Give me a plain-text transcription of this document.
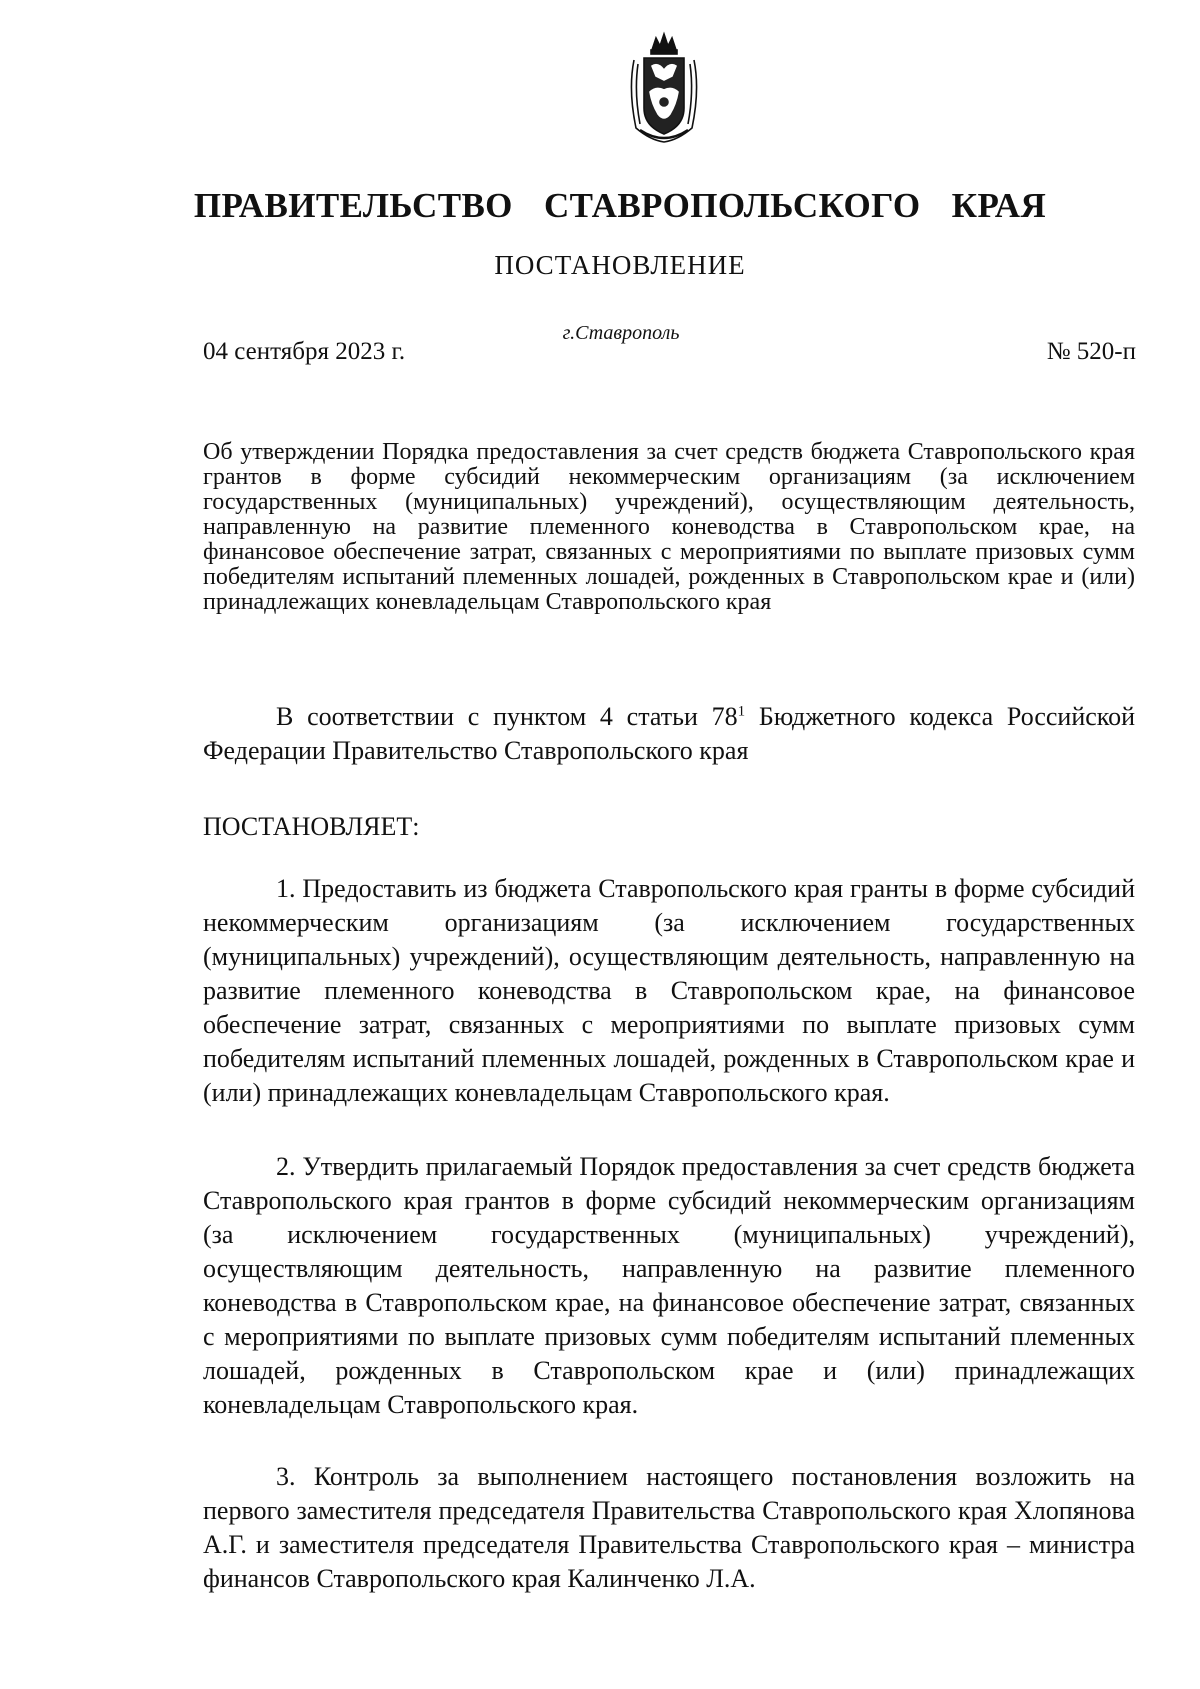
ПРАВИТЕЛЬСТВО СТАВРОПОЛЬСКОГО КРАЯ
ПОСТАНОВЛЕНИЕ
г.Ставрополь
04 сентября 2023 г.	№ 520-п
Об утверждении Порядка предоставления за счет средств бюджета Ставропольского края грантов в форме субсидий некоммерческим организациям (за исключением государственных (муниципальных) учреждений), осуществляющим деятельность, направленную на развитие племенного коневодства в Ставропольском крае, на финансовое обеспечение затрат, связанных с мероприятиями по выплате призовых сумм победителям испытаний племенных лошадей, рожденных в Ставропольском крае и (или) принадлежащих коневладельцам Ставропольского края
В соответствии с пунктом 4 статьи $78^1$ Бюджетного кодекса Российской Федерации Правительство Ставропольского края
ПОСТАНОВЛЯЕТ:
1. Предоставить из бюджета Ставропольского края гранты в форме субсидий некоммерческим организациям (за исключением государственных (муниципальных) учреждений), осуществляющим деятельность, направленную на развитие племенного коневодства в Ставропольском крае, на финансовое обеспечение затрат, связанных с мероприятиями по выплате призовых сумм победителям испытаний племенных лошадей, рожденных в Ставропольском крае и (или) принадлежащих коневладельцам Ставропольского края.
2. Утвердить прилагаемый Порядок предоставления за счет средств бюджета Ставропольского края грантов в форме субсидий некоммерческим организациям (за исключением государственных (муниципальных) учреждений), осуществляющим деятельность, направленную на развитие племенного коневодства в Ставропольском крае, на финансовое обеспечение затрат, связанных с мероприятиями по выплате призовых сумм победителям испытаний племенных лошадей, рожденных в Ставропольском крае и (или) принадлежащих коневладельцам Ставропольского края.
3. Контроль за выполнением настоящего постановления возложить на первого заместителя председателя Правительства Ставропольского края Хлопянова А.Г. и заместителя председателя Правительства Ставропольского края – министра финансов Ставропольского края Калинченко Л.А.
